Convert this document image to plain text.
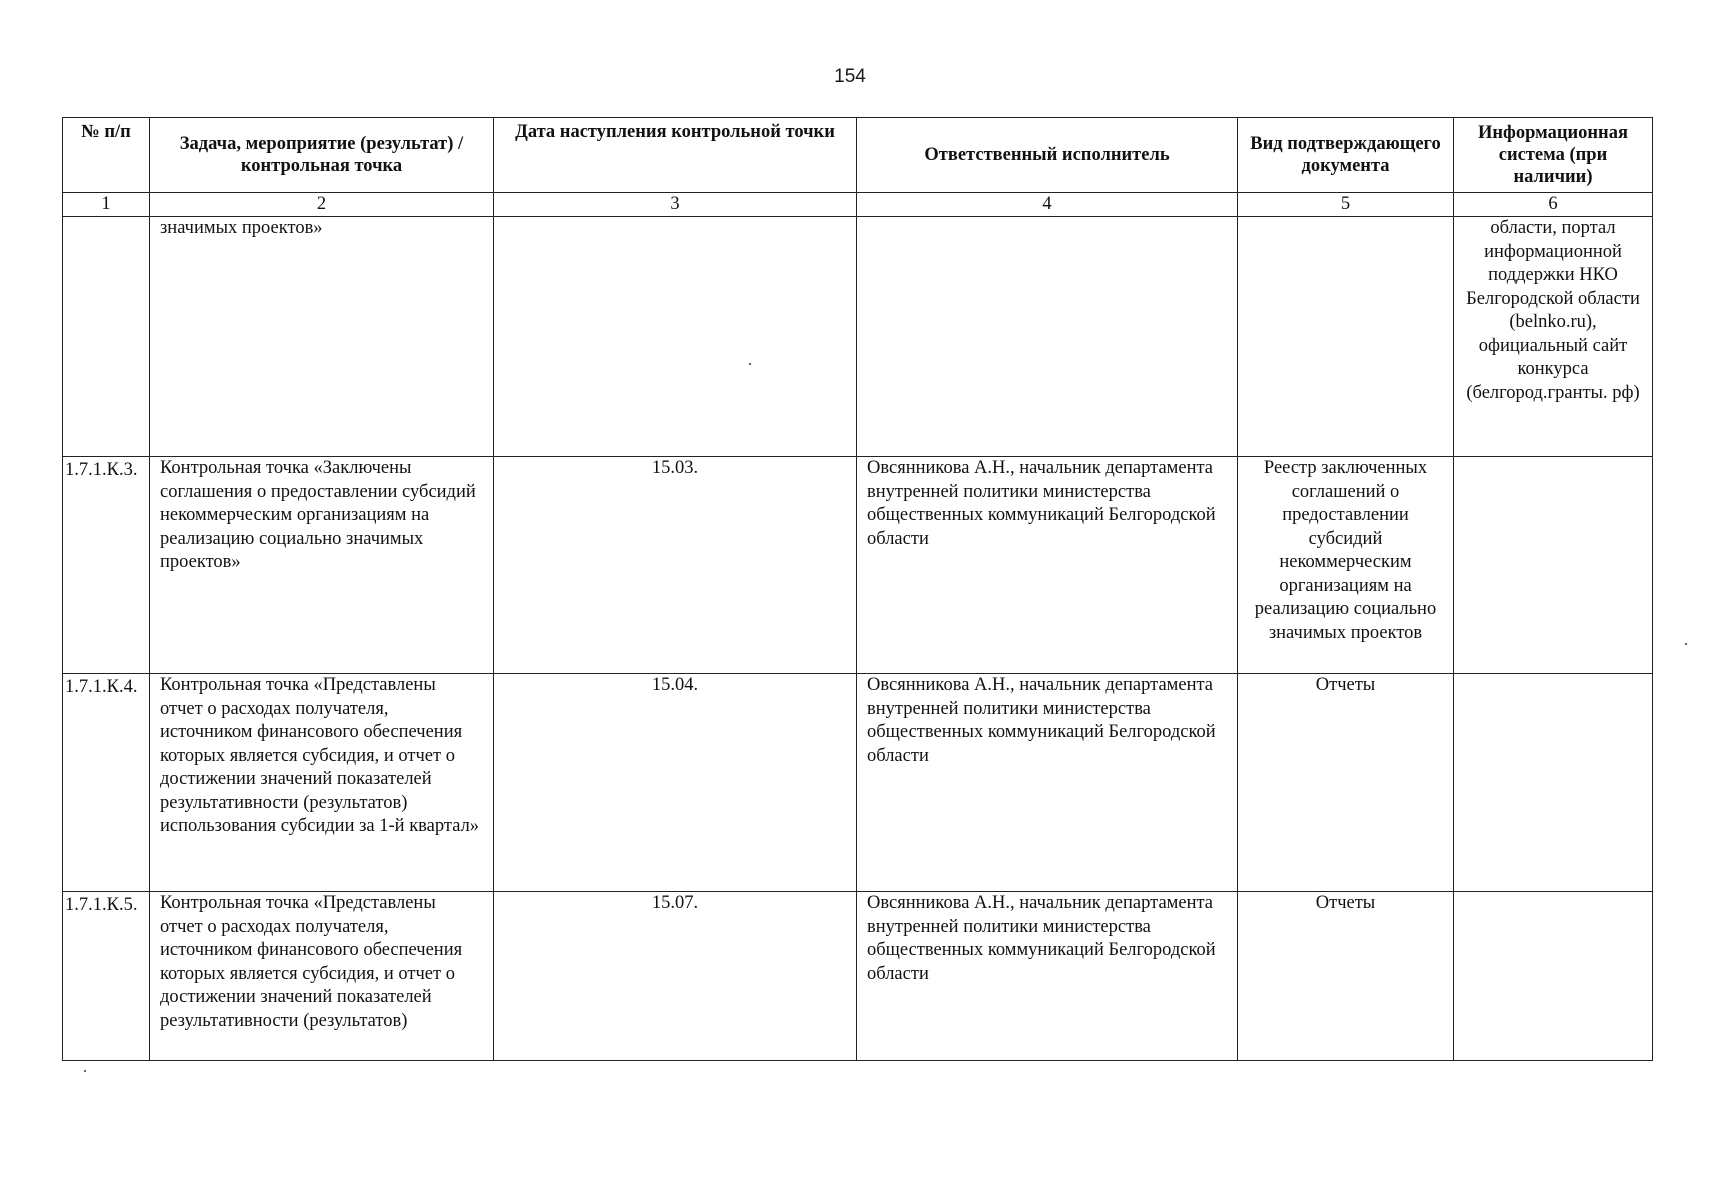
154
№ п/п	Задача, мероприятие (результат) / контрольная точка	Дата наступления контрольной точки	Ответственный исполнитель	Вид подтверждающего документа	Информационная система (при наличии)
1	2	3	4	5	6
	значимых проектов»				области, портал информационной поддержки НКО Белгородской области (belnko.ru), официальный сайт конкурса (белгород.гранты. рф)
1.7.1.К.3.	Контрольная точка «Заключены соглашения о предоставлении субсидий некоммерческим организациям на реализацию социально значимых проектов»	15.03.	Овсянникова А.Н., начальник департамента внутренней политики министерства общественных коммуникаций Белгородской области	Реестр заключенных соглашений о предоставлении субсидий некоммерческим организациям на реализацию социально значимых проектов	
1.7.1.К.4.	Контрольная точка «Представлены отчет о расходах получателя, источником финансового обеспечения которых является субсидия, и отчет о достижении значений показателей результативности (результатов) использования субсидии за 1-й квартал»	15.04.	Овсянникова А.Н., начальник департамента внутренней политики министерства общественных коммуникаций Белгородской области	Отчеты	
1.7.1.К.5.	Контрольная точка «Представлены отчет о расходах получателя, источником финансового обеспечения которых является субсидия, и отчет о достижении значений показателей результативности (результатов)	15.07.	Овсянникова А.Н., начальник департамента внутренней политики министерства общественных коммуникаций Белгородской области	Отчеты	
